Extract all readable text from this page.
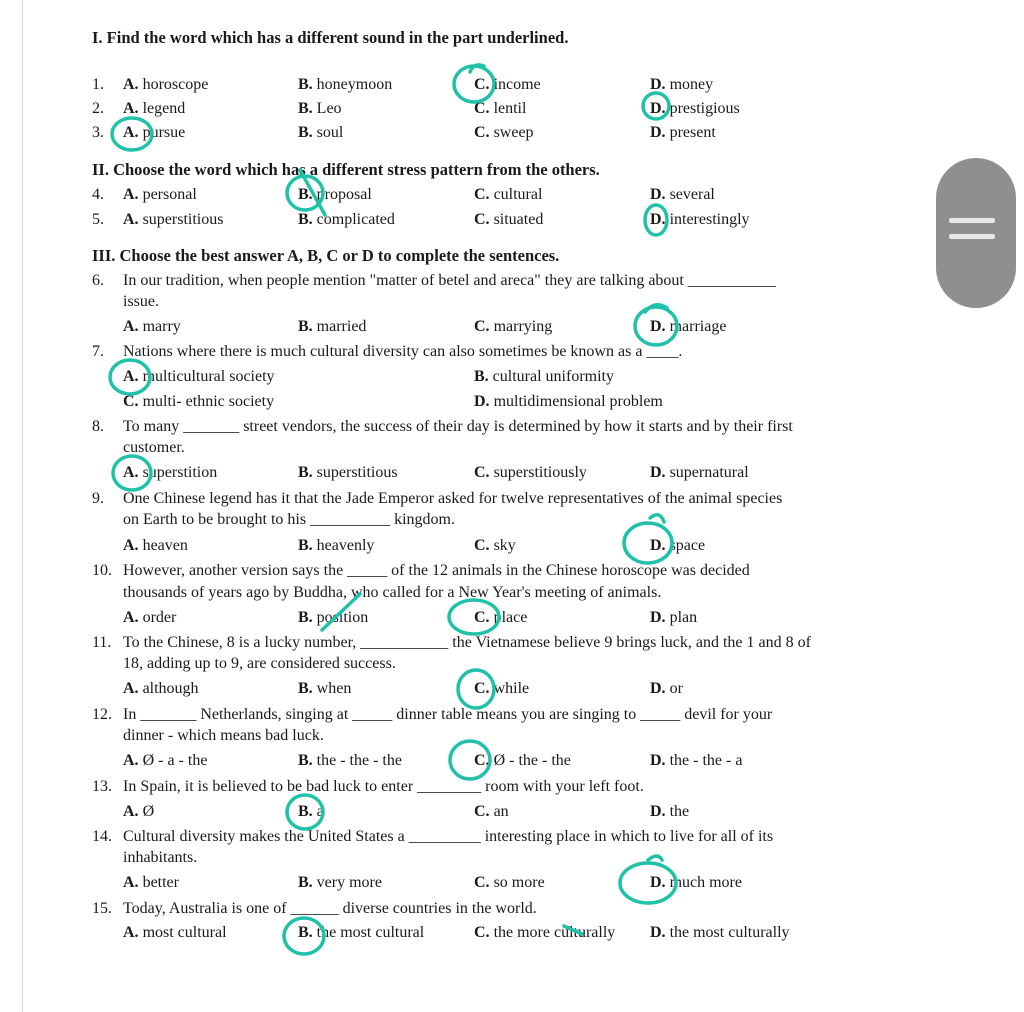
I. Find the word which has a different sound in the part underlined.
1. A. horoscope	B. honeymoon	C. income	D. money
2. A. legend	B. Leo	C. lentil	D. prestigious
3. A. pursue	B. soul	C. sweep	D. present
II. Choose the word which has a different stress pattern from the others.
4. A. personal	B. proposal	C. cultural	D. several
5. A. superstitious	B. complicated	C. situated	D. interestingly
III. Choose the best answer A, B, C or D to complete the sentences.
6. In our tradition, when people mention "matter of betel and areca" they are talking about ___________
issue.
A. marry	B. married	C. marrying	D. marriage
7. Nations where there is much cultural diversity can also sometimes be known as a ____.
A. multicultural society	B. cultural uniformity
C. multi- ethnic society	D. multidimensional problem
8. To many _______ street vendors, the success of their day is determined by how it starts and by their first
customer.
A. superstition	B. superstitious	C. superstitiously	D. supernatural
9. One Chinese legend has it that the Jade Emperor asked for twelve representatives of the animal species
on Earth to be brought to his __________ kingdom.
A. heaven	B. heavenly	C. sky	D. space
10. However, another version says the _____ of the 12 animals in the Chinese horoscope was decided
thousands of years ago by Buddha, who called for a New Year's meeting of animals.
A. order	B. position	C. place	D. plan
11. To the Chinese, 8 is a lucky number, ___________ the Vietnamese believe 9 brings luck, and the 1 and 8 of
18, adding up to 9, are considered success.
A. although	B. when	C. while	D. or
12. In _______ Netherlands, singing at _____ dinner table means you are singing to _____ devil for your
dinner - which means bad luck.
A. Ø - a - the	B. the - the - the	C. Ø - the - the	D. the - the - a
13. In Spain, it is believed to be bad luck to enter ________ room with your left foot.
A. Ø	B. a	C. an	D. the
14. Cultural diversity makes the United States a _________ interesting place in which to live for all of its
inhabitants.
A. better	B. very more	C. so more	D. much more
15. Today, Australia is one of ______ diverse countries in the world.
A. most cultural	B. the most cultural	C. the more culturally D. the most culturally
